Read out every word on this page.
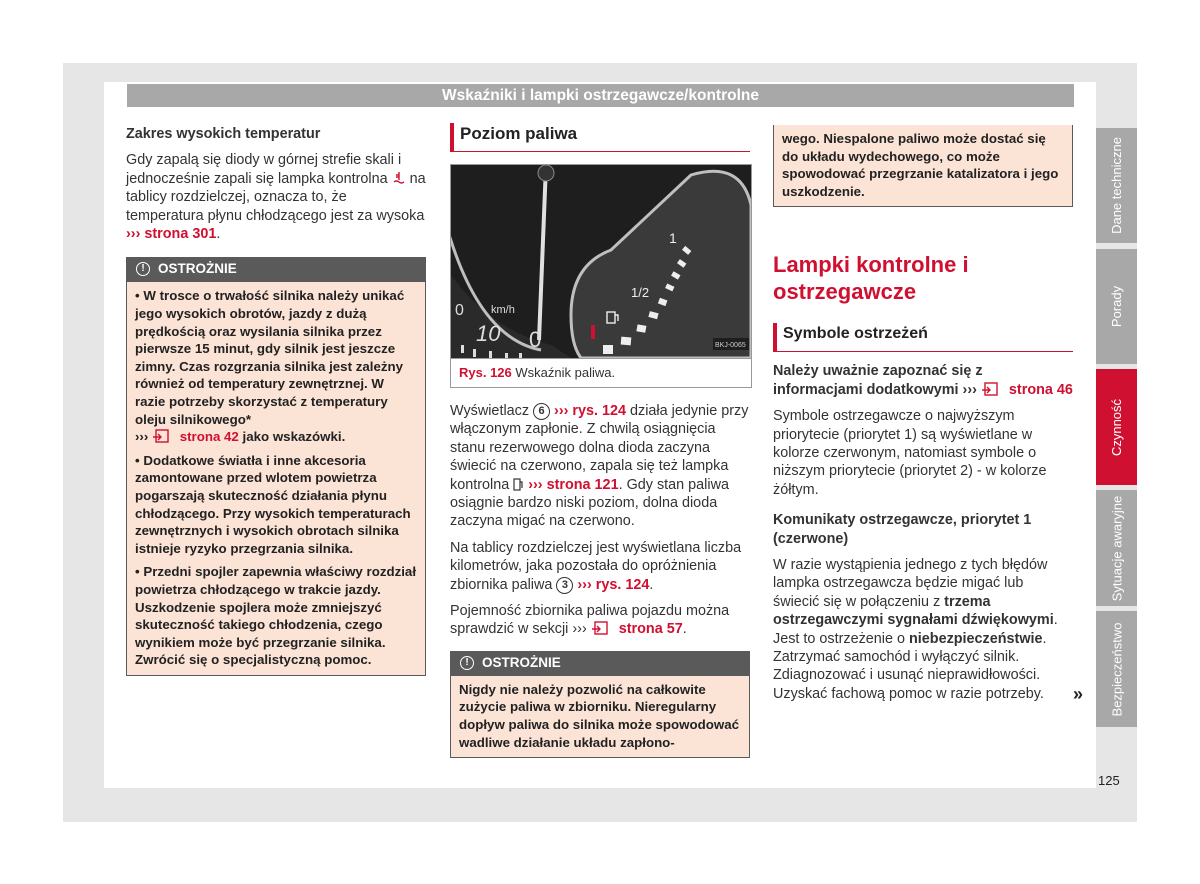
Wskaźniki i lampki ostrzegawcze/kontrolne

Zakres wysokich temperatur

Gdy zapalą się diody w górnej strefie skali i jednocześnie zapali się lampka kontrolna na tablicy rozdzielczej, oznacza to, że temperatura płynu chłodzącego jest za wysoka ››› strona 301.

! OSTROŻNIE

• W trosce o trwałość silnika należy unikać jego wysokich obrotów, jazdy z dużą prędkością oraz wysilania silnika przez pierwsze 15 minut, gdy silnik jest jeszcze zimny. Czas rozgrzania silnika jest zależny również od temperatury zewnętrznej. W razie potrzeby skorzystać z temperatury oleju silnikowego*
››› strona 42 jako wskazówki.

• Dodatkowe światła i inne akcesoria zamontowane przed wlotem powietrza pogarszają skuteczność działania płynu chłodzącego. Przy wysokich temperaturach zewnętrznych i wysokich obrotach silnika istnieje ryzyko przegrzania silnika.

• Przedni spojler zapewnia właściwy rozdział powietrza chłodzącego w trakcie jazdy. Uszkodzenie spojlera może zmniejszyć skuteczność takiego chłodzenia, czego wynikiem może być przegrzanie silnika. Zwrócić się o specjalistyczną pomoc.

Poziom paliwa
km/h
0
10 0
1
1/2
BKJ-0065
Rys. 126 Wskaźnik paliwa.

Wyświetlacz 6 ››› rys. 124 działa jedynie przy włączonym zapłonie. Z chwilą osiągnięcia stanu rezerwowego dolna dioda zaczyna świecić na czerwono, zapala się też lampka kontrolna ››› strona 121. Gdy stan paliwa osiągnie bardzo niski poziom, dolna dioda zaczyna migać na czerwono.

Na tablicy rozdzielczej jest wyświetlana liczba kilometrów, jaka pozostała do opróżnienia zbiornika paliwa 3 ››› rys. 124.

Pojemność zbiornika paliwa pojazdu można sprawdzić w sekcji ››› strona 57.

! OSTROŻNIE

Nigdy nie należy pozwolić na całkowite zużycie paliwa w zbiorniku. Nieregularny dopływ paliwa do silnika może spowodować wadliwe działanie układu zapłono-

wego. Niespalone paliwo może dostać się do układu wydechowego, co może spowodować przegrzanie katalizatora i jego uszkodzenie.

Lampki kontrolne i ostrzegawcze
Symbole ostrzeżeń

Należy uważnie zapoznać się z informacjami dodatkowymi ››› strona 46

Symbole ostrzegawcze o najwyższym priorytecie (priorytet 1) są wyświetlane w kolorze czerwonym, natomiast symbole o niższym priorytecie (priorytet 2) - w kolorze żółtym.

Komunikaty ostrzegawcze, priorytet 1 (czerwone)

W razie wystąpienia jednego z tych błędów lampka ostrzegawcza będzie migać lub świecić się w połączeniu z trzema ostrzegawczymi sygnałami dźwiękowymi. Jest to ostrzeżenie o niebezpieczeństwie. Zatrzymać samochód i wyłączyć silnik. Zdiagnozować i usunąć nieprawidłowości. Uzyskać fachową pomoc w razie potrzeby.	»
Dane techniczne
Porady
Czynność
Sytuacje awaryjne
Bezpieczeństwo
125
